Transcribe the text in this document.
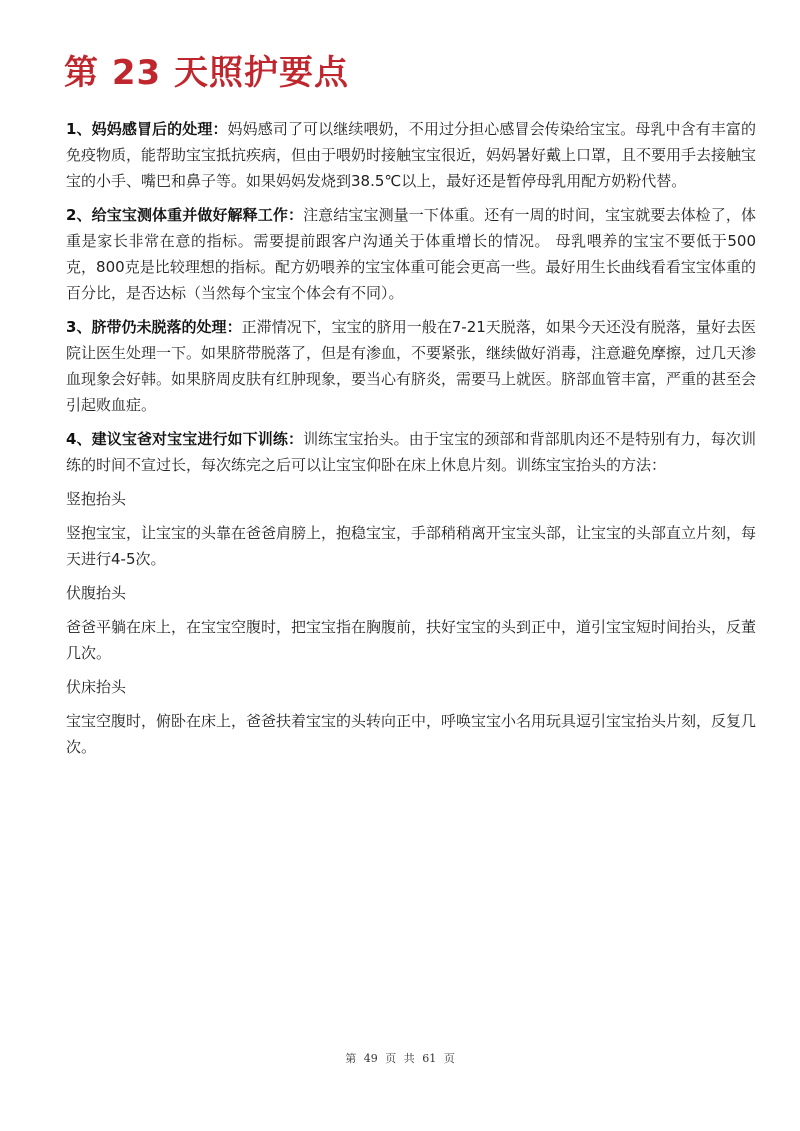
第 23 天照护要点

1、妈妈感冒后的处理：妈妈感司了可以继续喂奶，不用过分担心感冒会传染给宝宝。母乳中含有丰富的免疫物质，能帮助宝宝抵抗疾病，但由于喂奶时接触宝宝很近，妈妈暑好戴上口罩，且不要用手去接触宝宝的小手、嘴巴和鼻子等。如果妈妈发烧到38.5℃以上，最好还是暂停母乳用配方奶粉代替。

2、给宝宝测体重并做好解释工作：注意结宝宝测量一下体重。还有一周的时间，宝宝就要去体检了，体重是家长非常在意的指标。需要提前跟客户沟通关于体重增长的情况。 母乳喂养的宝宝不要低于500克，800克是比较理想的指标。配方奶喂养的宝宝体重可能会更高一些。最好用生长曲线看看宝宝体重的百分比，是否达标（当然每个宝宝个体会有不同）。

3、脐带仍未脱落的处理：正滞情况下，宝宝的脐用一般在7-21天脱落，如果今天还没有脱落，量好去医院让医生处理一下。如果脐带脱落了，但是有渗血，不要紧张，继续做好消毒，注意避免摩擦，过几天渗血现象会好韩。如果脐周皮肤有红肿现象，要当心有脐炎，需要马上就医。脐部血管丰富，严重的甚至会引起败血症。

4、建议宝爸对宝宝进行如下训练：训练宝宝抬头。由于宝宝的颈部和背部肌肉还不是特别有力，每次训练的时间不宣过长，每次练完之后可以让宝宝仰卧在床上休息片刻。训练宝宝抬头的方法：

竖抱抬头

竖抱宝宝，让宝宝的头靠在爸爸肩膀上，抱稳宝宝，手部稍稍离开宝宝头部，让宝宝的头部直立片刻，每天进行4-5次。

伏腹抬头

爸爸平躺在床上，在宝宝空腹时，把宝宝指在胸腹前，扶好宝宝的头到正中，道引宝宝短时间抬头，反董几次。

伏床抬头

宝宝空腹时，俯卧在床上，爸爸扶着宝宝的头转向正中，呼唤宝宝小名用玩具逗引宝宝抬头片刻，反复几次。

第 49 页 共 61 页
